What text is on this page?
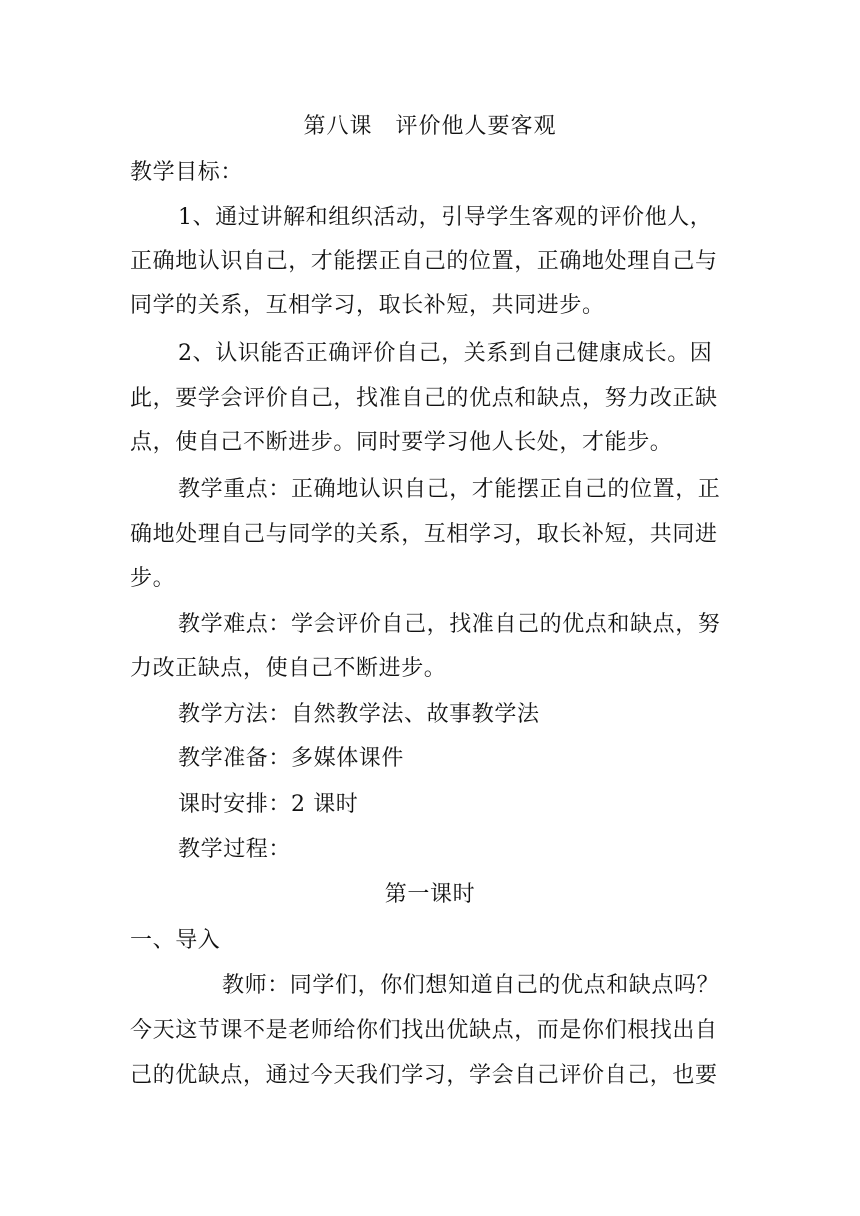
第八课　评价他人要客观
教学目标：
1、通过讲解和组织活动，引导学生客观的评价他人，
正确地认识自己，才能摆正自己的位置，正确地处理自己与
同学的关系，互相学习，取长补短，共同进步。
2、认识能否正确评价自己，关系到自己健康成长。因
此，要学会评价自己，找准自己的优点和缺点，努力改正缺
点，使自己不断进步。同时要学习他人长处，才能步。
教学重点：正确地认识自己，才能摆正自己的位置，正
确地处理自己与同学的关系，互相学习，取长补短，共同进
步。
教学难点：学会评价自己，找准自己的优点和缺点，努
力改正缺点，使自己不断进步。
教学方法：自然教学法、故事教学法
教学准备：多媒体课件
课时安排：2 课时
教学过程：
第一课时
一、导入
教师：同学们，你们想知道自己的优点和缺点吗？
今天这节课不是老师给你们找出优缺点，而是你们根找出自
己的优缺点，通过今天我们学习，学会自己评价自己，也要
